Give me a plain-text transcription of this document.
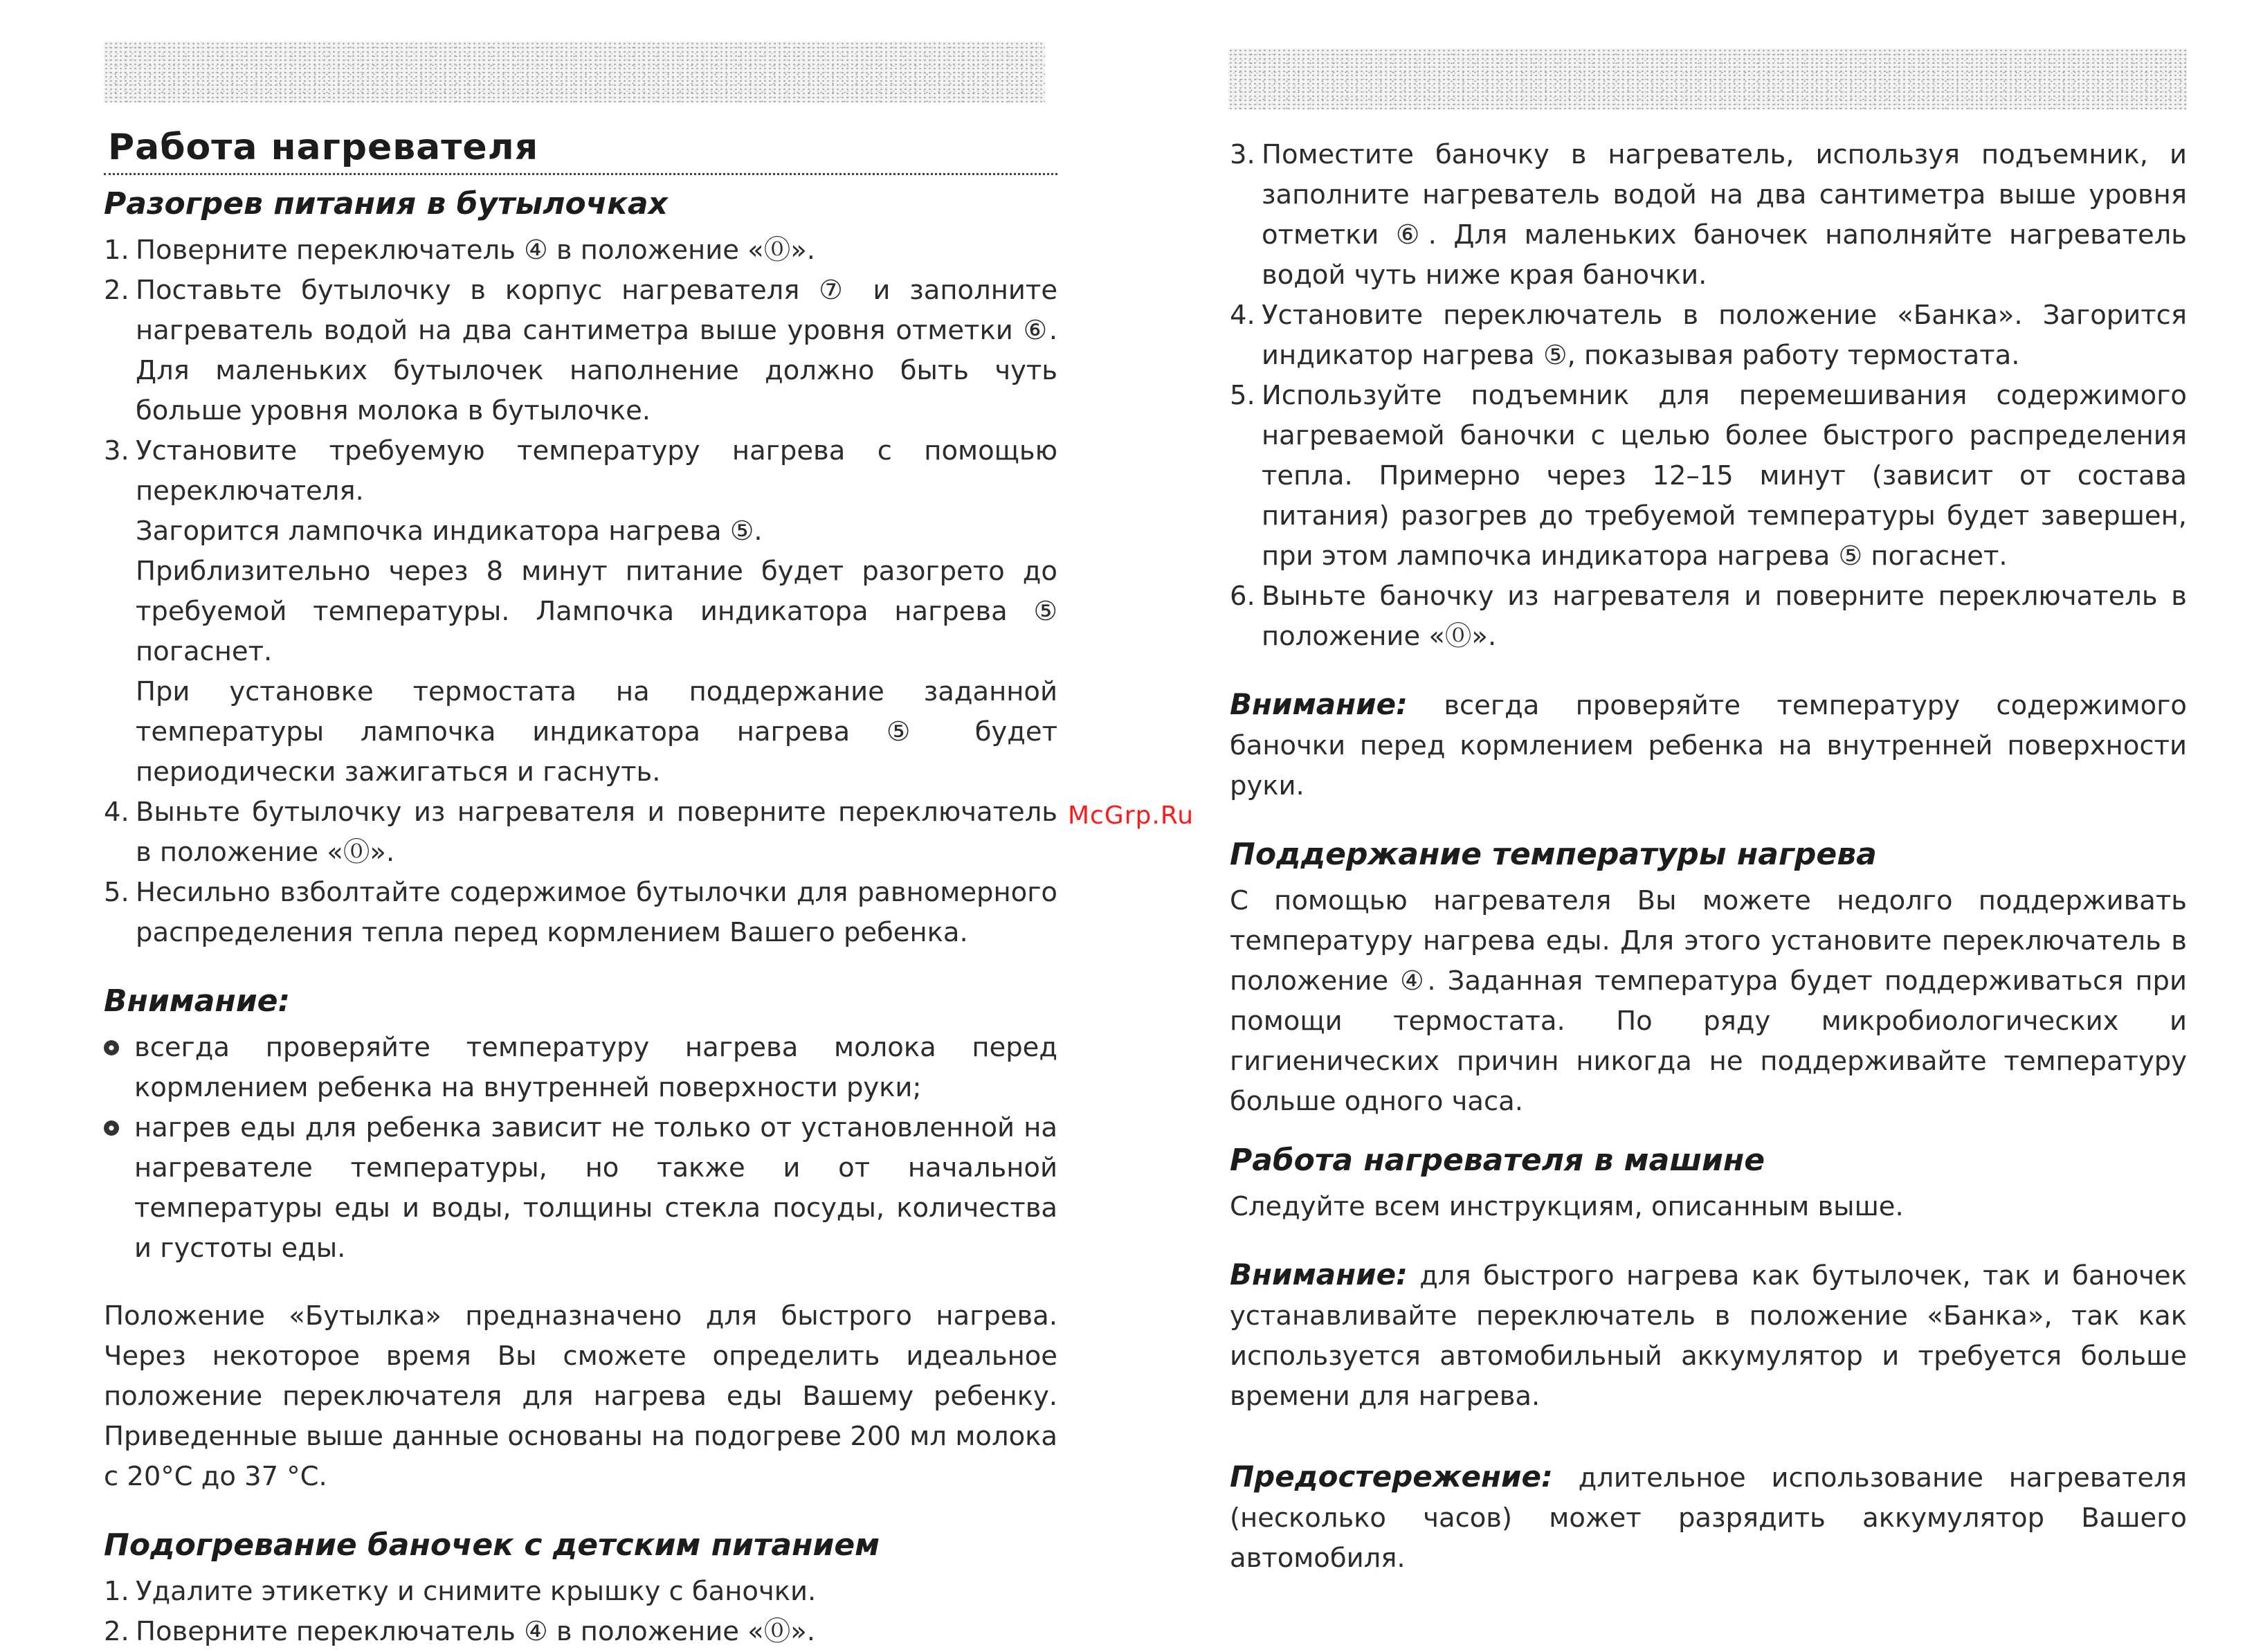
Работа нагревателя
Разогрев питания в бутылочках
1. Поверните переключатель ④ в положение «⓪».

2. Поставьте бутылочку в корпус нагревателя ⑦ и заполните нагреватель водой на два сантиметра выше уровня отметки ⑥. Для маленьких бутылочек наполнение должно быть чуть больше уровня молока в бутылочке.

3. Установите требуемую температуру нагрева с помощью переключателя.

Загорится лампочка индикатора нагрева ⑤.

Приблизительно через 8 минут питание будет разогрето до требуемой температуры. Лампочка индикатора нагрева ⑤ погаснет.

При установке термостата на поддержание заданной температуры лампочка индикатора нагрева ⑤ будет периодически зажигаться и гаснуть.

4. Выньте бутылочку из нагревателя и поверните переключатель в положение «⓪».

5. Несильно взболтайте содержимое бутылочки для равномерного распределения тепла перед кормлением Вашего ребенка.

Внимание:

всегда проверяйте температуру нагрева молока перед кормлением ребенка на внутренней поверхности руки;

нагрев еды для ребенка зависит не только от установленной на нагревателе температуры, но также и от начальной температуры еды и воды, толщины стекла посуды, количества и густоты еды.

Положение «Бутылка» предназначено для быстрого нагрева. Через некоторое время Вы сможете определить идеальное положение переключателя для нагрева еды Вашему ребенку. Приведенные выше данные основаны на подогреве 200 мл молока с 20°С до 37 °С.

Подогревание баночек с детским питанием
1. Удалите этикетку и снимите крышку с баночки.

2. Поверните переключатель ④ в положение «⓪».

3. Поместите баночку в нагреватель, используя подъемник, и заполните нагреватель водой на два сантиметра выше уровня отметки ⑥. Для маленьких баночек наполняйте нагреватель водой чуть ниже края баночки.

4. Установите переключатель в положение «Банка». Загорится индикатор нагрева ⑤, показывая работу термостата.

5. Используйте подъемник для перемешивания содержимого нагреваемой баночки с целью более быстрого распределения тепла. Примерно через 12–15 минут (зависит от состава питания) разогрев до требуемой температуры будет завершен, при этом лампочка индикатора нагрева ⑤ погаснет.

6. Выньте баночку из нагревателя и поверните переключатель в положение «⓪».

Внимание: всегда проверяйте температуру содержимого баночки перед кормлением ребенка на внутренней поверхности руки.

Поддержание температуры нагрева

С помощью нагревателя Вы можете недолго поддерживать температуру нагрева еды. Для этого установите переключатель в положение ④. Заданная температура будет поддерживаться при помощи термостата. По ряду микробиологических и гигиенических причин никогда не поддерживайте температуру больше одного часа.

Работа нагревателя в машине

Следуйте всем инструкциям, описанным выше.

Внимание: для быстрого нагрева как бутылочек, так и баночек устанавливайте переключатель в положение «Банка», так как используется автомобильный аккумулятор и требуется больше времени для нагрева.

Предостережение: длительное использование нагревателя (несколько часов) может разрядить аккумулятор Вашего автомобиля.

McGrp.Ru
